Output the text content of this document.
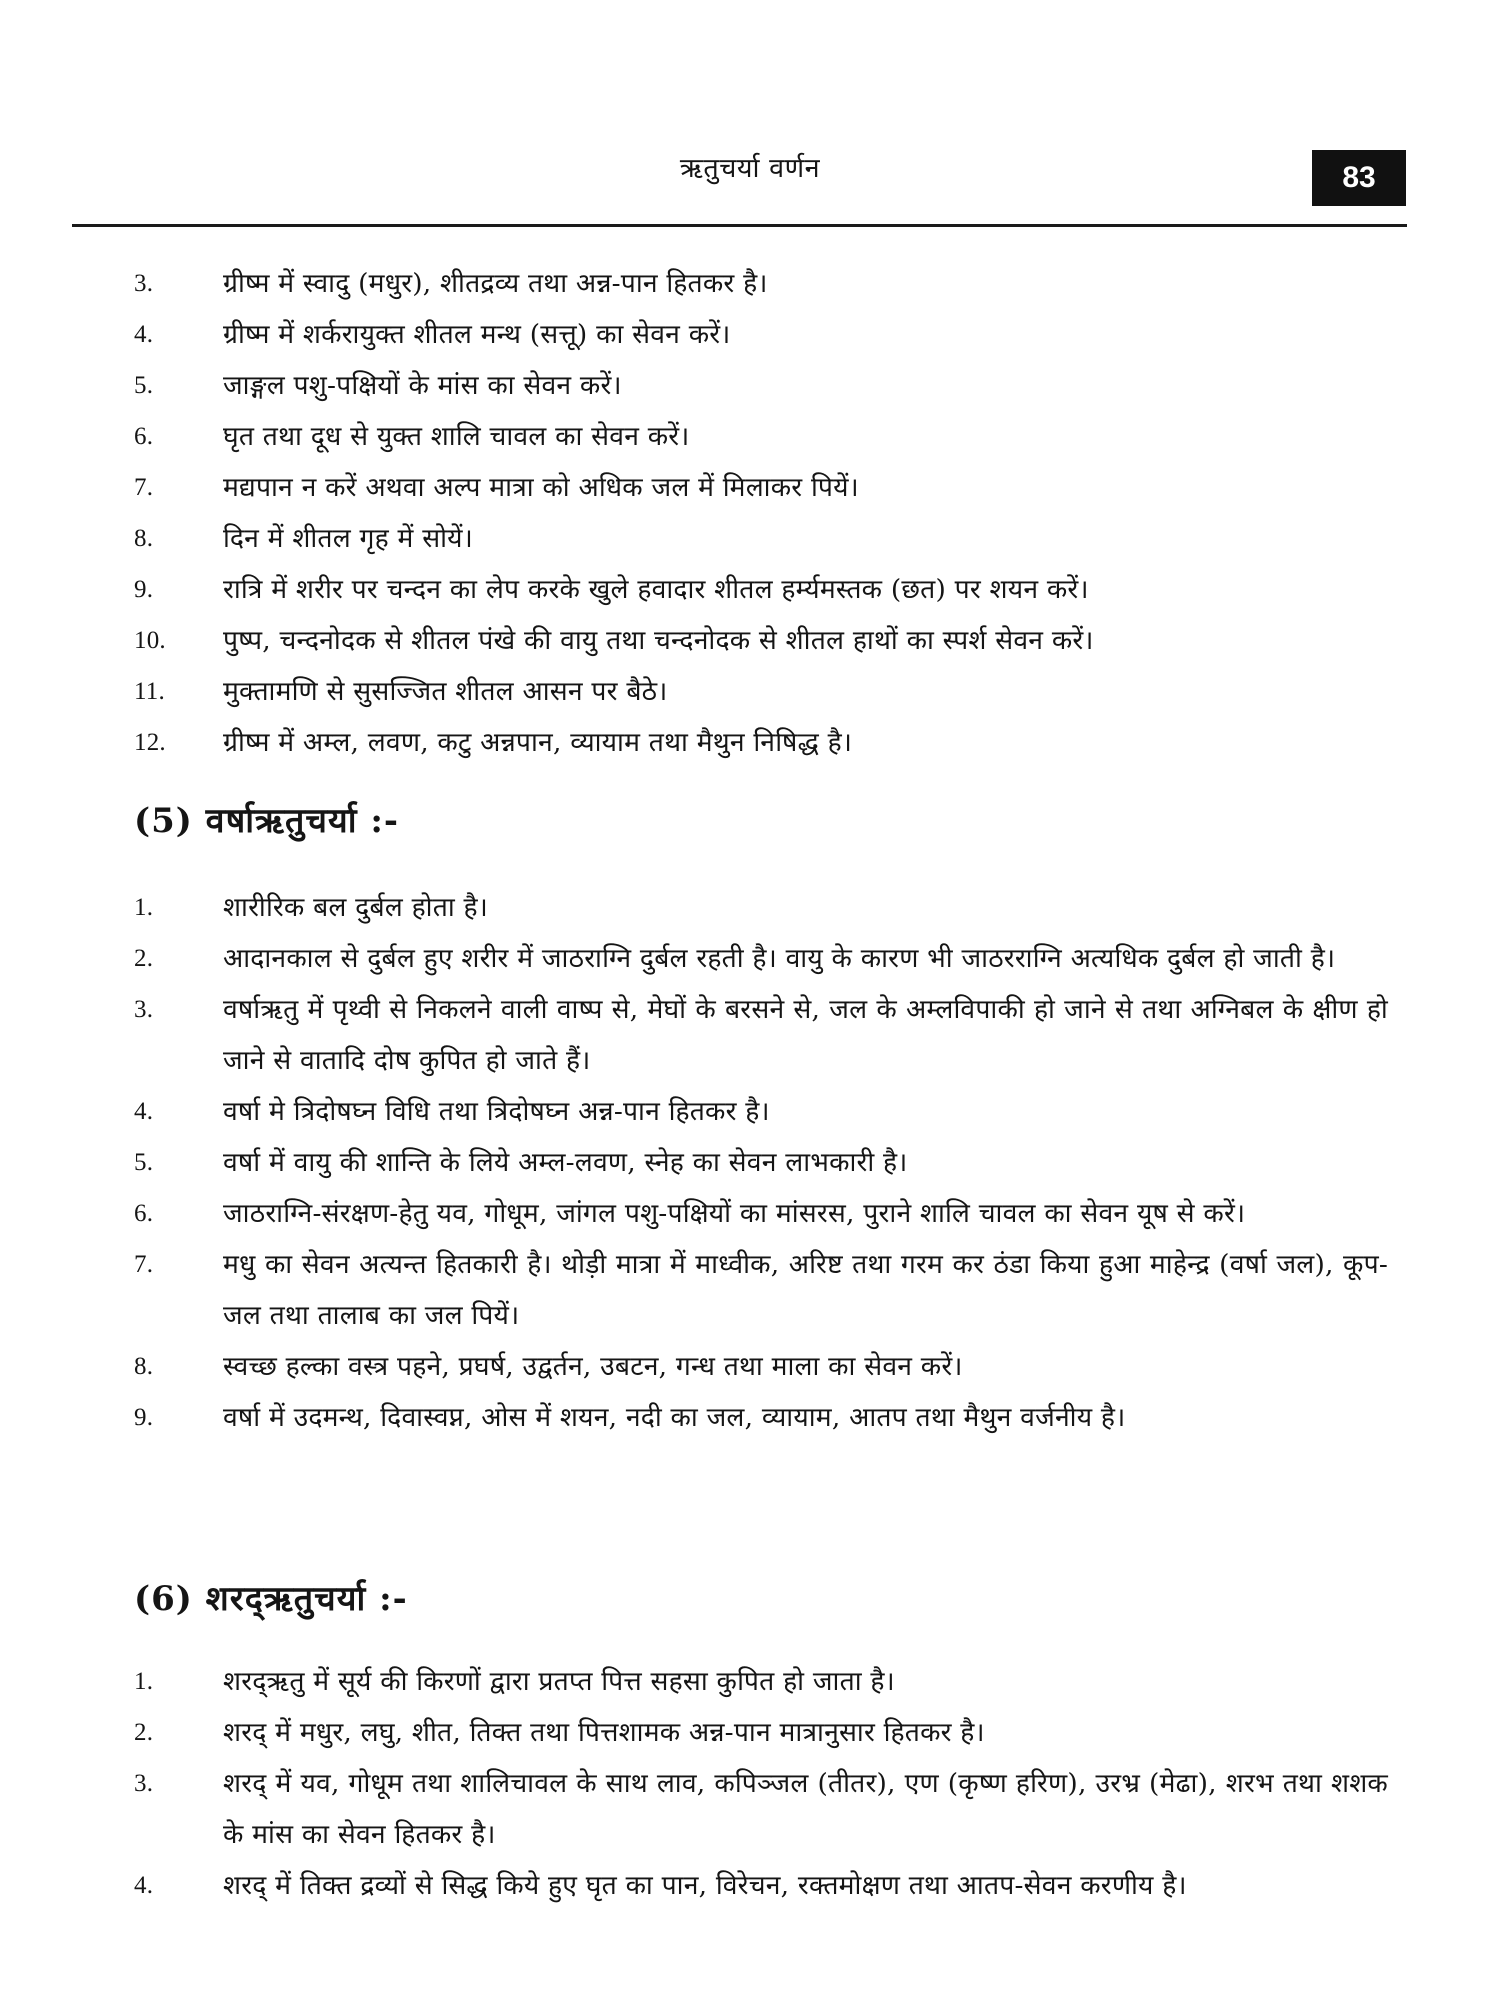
ऋतुचर्या वर्णन	83
3.	ग्रीष्म में स्वादु (मधुर), शीतद्रव्य तथा अन्न-पान हितकर है।
4.	ग्रीष्म में शर्करायुक्त शीतल मन्थ (सत्तू) का सेवन करें।
5.	जाङ्गल पशु-पक्षियों के मांस का सेवन करें।
6.	घृत तथा दूध से युक्त शालि चावल का सेवन करें।
7.	मद्यपान न करें अथवा अल्प मात्रा को अधिक जल में मिलाकर पियें।
8.	दिन में शीतल गृह में सोयें।
9.	रात्रि में शरीर पर चन्दन का लेप करके खुले हवादार शीतल हर्म्यमस्तक (छत) पर शयन करें।
10.	पुष्प, चन्दनोदक से शीतल पंखे की वायु तथा चन्दनोदक से शीतल हाथों का स्पर्श सेवन करें।
11.	मुक्तामणि से सुसज्जित शीतल आसन पर बैठे।
12.	ग्रीष्म में अम्ल, लवण, कटु अन्नपान, व्यायाम तथा मैथुन निषिद्ध है।
(5) वर्षाऋतुचर्या :-
1.	शारीरिक बल दुर्बल होता है।
2.	आदानकाल से दुर्बल हुए शरीर में जाठराग्नि दुर्बल रहती है। वायु के कारण भी जाठरराग्नि अत्यधिक दुर्बल हो जाती है।
3.	वर्षाऋतु में पृथ्वी से निकलने वाली वाष्प से, मेघों के बरसने से, जल के अम्लविपाकी हो जाने से तथा अग्निबल के क्षीण हो जाने से वातादि दोष कुपित हो जाते हैं।
4.	वर्षा मे त्रिदोषघ्न विधि तथा त्रिदोषघ्न अन्न-पान हितकर है।
5.	वर्षा में वायु की शान्ति के लिये अम्ल-लवण, स्नेह का सेवन लाभकारी है।
6.	जाठराग्नि-संरक्षण-हेतु यव, गोधूम, जांगल पशु-पक्षियों का मांसरस, पुराने शालि चावल का सेवन यूष से करें।
7.	मधु का सेवन अत्यन्त हितकारी है। थोड़ी मात्रा में माध्वीक, अरिष्ट तथा गरम कर ठंडा किया हुआ माहेन्द्र (वर्षा जल), कूप-जल तथा तालाब का जल पियें।
8.	स्वच्छ हल्का वस्त्र पहने, प्रघर्ष, उद्वर्तन, उबटन, गन्ध तथा माला का सेवन करें।
9.	वर्षा में उदमन्थ, दिवास्वप्न, ओस में शयन, नदी का जल, व्यायाम, आतप तथा मैथुन वर्जनीय है।
(6) शरद्ऋतुचर्या :-
1.	शरद्ऋतु में सूर्य की किरणों द्वारा प्रतप्त पित्त सहसा कुपित हो जाता है।
2.	शरद् में मधुर, लघु, शीत, तिक्त तथा पित्तशामक अन्न-पान मात्रानुसार हितकर है।
3.	शरद् में यव, गोधूम तथा शालिचावल के साथ लाव, कपिञ्जल (तीतर), एण (कृष्ण हरिण), उरभ्र (मेढा), शरभ तथा शशक के मांस का सेवन हितकर है।
4.	शरद् में तिक्त द्रव्यों से सिद्ध किये हुए घृत का पान, विरेचन, रक्तमोक्षण तथा आतप-सेवन करणीय है।
